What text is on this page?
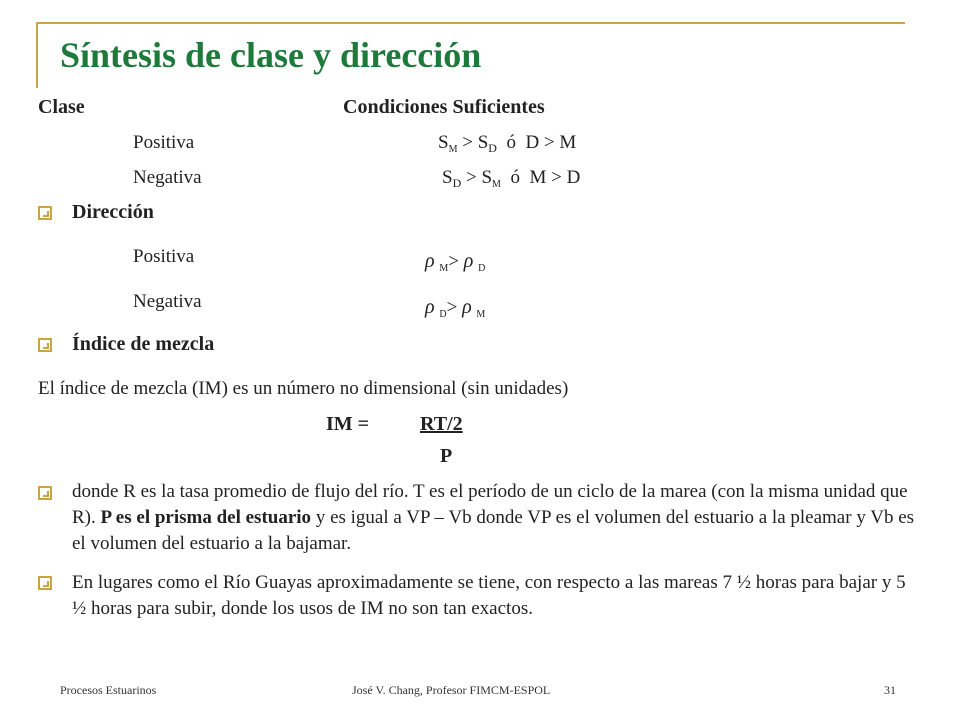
Síntesis de clase y dirección
Clase	Condiciones Suficientes
Positiva	$S_M > S_D$  ó  D > M
Negativa	$S_D > S_M$  ó  M > D
Dirección
Positiva	ρ $_M$> ρ $_D$
Negativa	ρ $_D$> ρ $_M$
Índice de mezcla
El índice de mezcla (IM) es un número no dimensional (sin unidades)
IM =	RT/2
P
donde R es la tasa promedio de flujo del río. T es el período de un ciclo de la marea (con la misma unidad que R). P es el prisma del estuario y es igual a VP – Vb donde VP es el volumen del estuario a la pleamar y Vb es el volumen del estuario a la bajamar.
En lugares como el Río Guayas aproximadamente se tiene, con respecto a las mareas 7 ½ horas para bajar y 5 ½ horas para subir, donde los usos de IM no son tan exactos.
Procesos Estuarinos	José V. Chang, Profesor FIMCM-ESPOL	31
